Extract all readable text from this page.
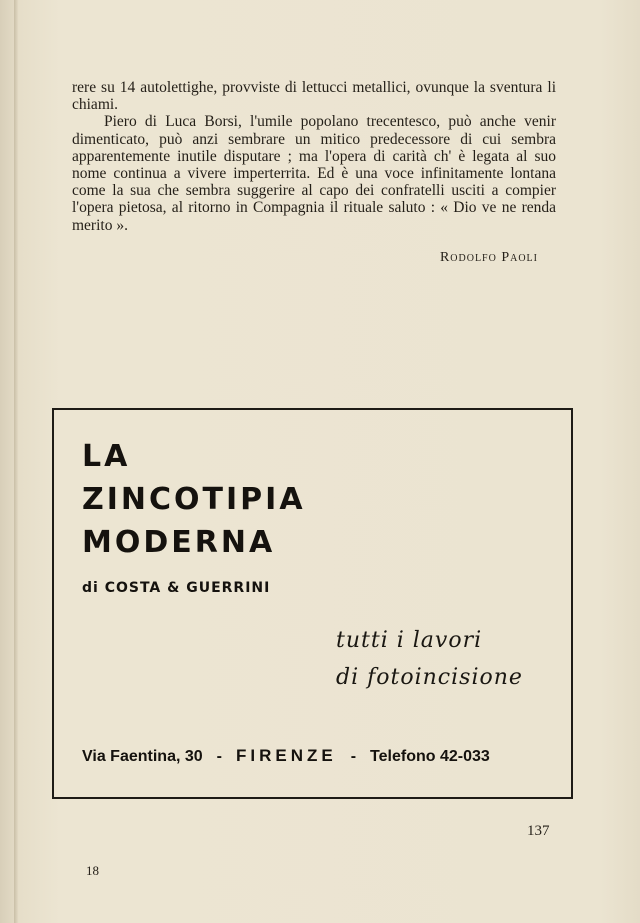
rere su 14 autolettighe, provviste di lettucci metallici, ovunque la sventura li chiami.

Piero di Luca Borsi, l'umile popolano trecentesco, può anche venir dimenticato, può anzi sembrare un mitico predecessore di cui sembra apparentemente inutile disputare ; ma l'opera di carità ch' è legata al suo nome continua a vivere imperterrita. Ed è una voce infinitamente lontana come la sua che sembra suggerire al capo dei confratelli usciti a compier l'opera pietosa, al ritorno in Compagnia il rituale saluto : « Dio ve ne renda merito ».

Rodolfo Paoli
LA
ZINCOTIPIA
MODERNA
di COSTA & GUERRINI
tutti i lavori
di fotoincisione
Via Faentina, 30 - FIRENZE - Telefono 42-033
137
18
